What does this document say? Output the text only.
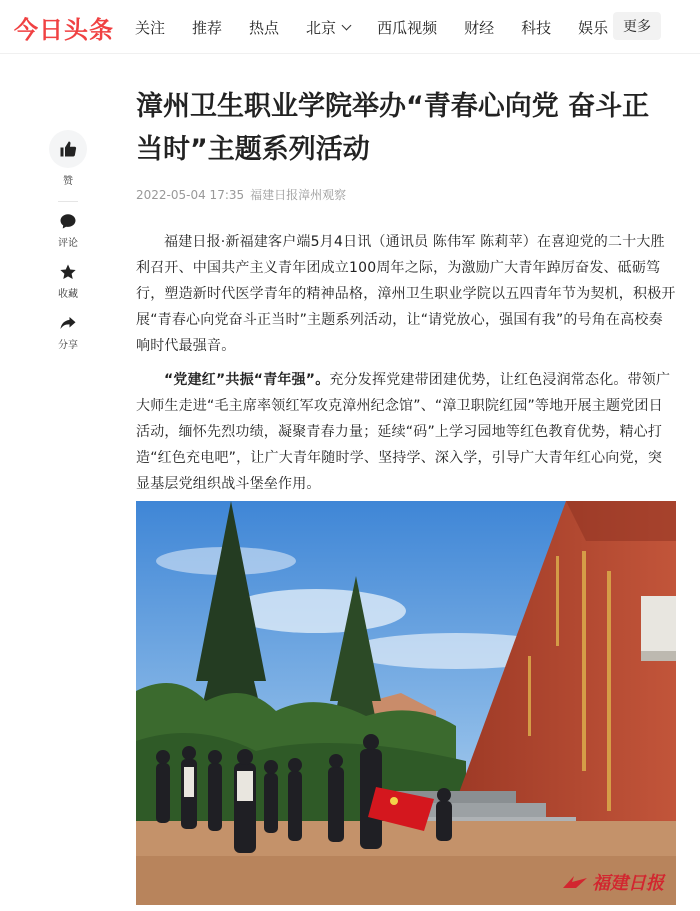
今日头条 关注 推荐 热点 北京	西瓜视频 财经 科技 娱乐	更多
赞
评论
收藏
分享
漳州卫生职业学院举办“青春心向党 奋斗正当时”主题系列活动
2022-05-04 17:35 福建日报漳州观察

福建日报·新福建客户端5月4日讯（通讯员 陈伟军 陈莉苹）在喜迎党的二十大胜利召开、中国共产主义青年团成立100周年之际，为激励广大青年踔厉奋发、砥砺笃行，塑造新时代医学青年的精神品格，漳州卫生职业学院以五四青年节为契机，积极开展“青春心向党奋斗正当时”主题系列活动，让“请党放心，强国有我”的号角在高校奏响时代最强音。

“党建红”共振“青年强”。充分发挥党建带团建优势，让红色浸润常态化。带领广大师生走进“毛主席率领红军攻克漳州纪念馆”、“漳卫职院红园”等地开展主题党团日活动，缅怀先烈功绩，凝聚青春力量；延续“码”上学习园地等红色教育优势，精心打造“红色充电吧”，让广大青年随时学、坚持学、深入学，引导广大青年红心向党，突显基层党组织战斗堡垒作用。

福建日报
